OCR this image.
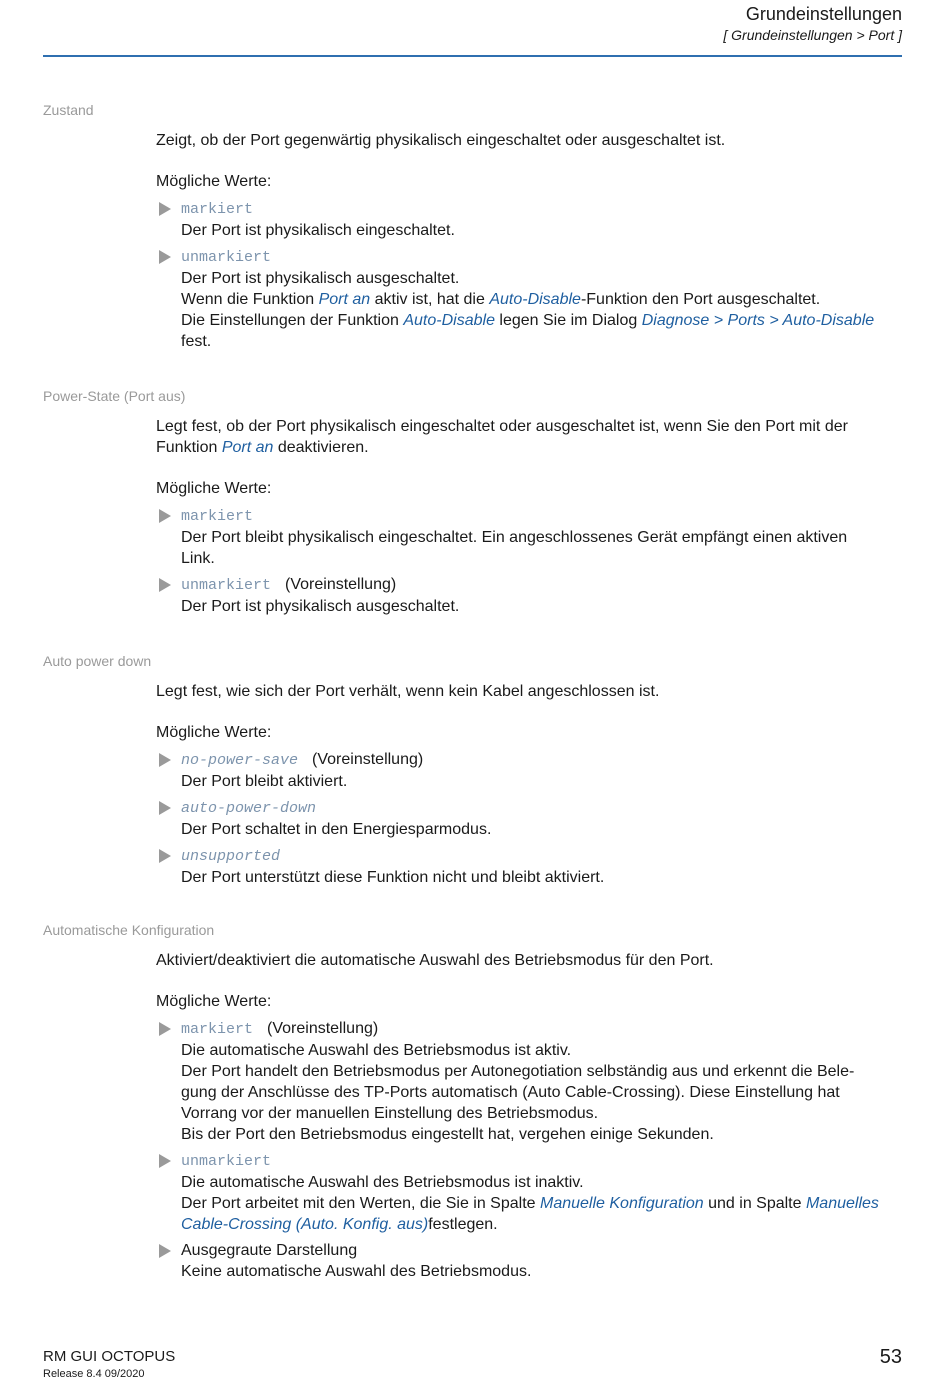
Grundeinstellungen
[ Grundeinstellungen > Port ]
Zustand

Zeigt, ob der Port gegenwärtig physikalisch eingeschaltet oder ausgeschaltet ist.

Mögliche Werte:

markiert
Der Port ist physikalisch eingeschaltet.
unmarkiert
Der Port ist physikalisch ausgeschaltet.
Wenn die Funktion Port an aktiv ist, hat die Auto-Disable-Funktion den Port ausgeschaltet.
Die Einstellungen der Funktion Auto-Disable legen Sie im Dialog Diagnose > Ports > Auto-Disable
fest.
Power-State (Port aus)

Legt fest, ob der Port physikalisch eingeschaltet oder ausgeschaltet ist, wenn Sie den Port mit der
Funktion Port an deaktivieren.

Mögliche Werte:

markiert
Der Port bleibt physikalisch eingeschaltet. Ein angeschlossenes Gerät empfängt einen aktiven
Link.
unmarkiert (Voreinstellung)
Der Port ist physikalisch ausgeschaltet.
Auto power down

Legt fest, wie sich der Port verhält, wenn kein Kabel angeschlossen ist.

Mögliche Werte:

no-power-save (Voreinstellung)
Der Port bleibt aktiviert.
auto-power-down
Der Port schaltet in den Energiesparmodus.
unsupported
Der Port unterstützt diese Funktion nicht und bleibt aktiviert.
Automatische Konfiguration

Aktiviert/deaktiviert die automatische Auswahl des Betriebsmodus für den Port.

Mögliche Werte:

markiert (Voreinstellung)
Die automatische Auswahl des Betriebsmodus ist aktiv.
Der Port handelt den Betriebsmodus per Autonegotiation selbständig aus und erkennt die Bele-
gung der Anschlüsse des TP-Ports automatisch (Auto Cable-Crossing). Diese Einstellung hat
Vorrang vor der manuellen Einstellung des Betriebsmodus.
Bis der Port den Betriebsmodus eingestellt hat, vergehen einige Sekunden.
unmarkiert
Die automatische Auswahl des Betriebsmodus ist inaktiv.
Der Port arbeitet mit den Werten, die Sie in Spalte Manuelle Konfiguration und in Spalte Manuelles
Cable-Crossing (Auto. Konfig. aus)festlegen.
Ausgegraute Darstellung
Keine automatische Auswahl des Betriebsmodus.
RM GUI OCTOPUS
Release 8.4 09/2020
53
